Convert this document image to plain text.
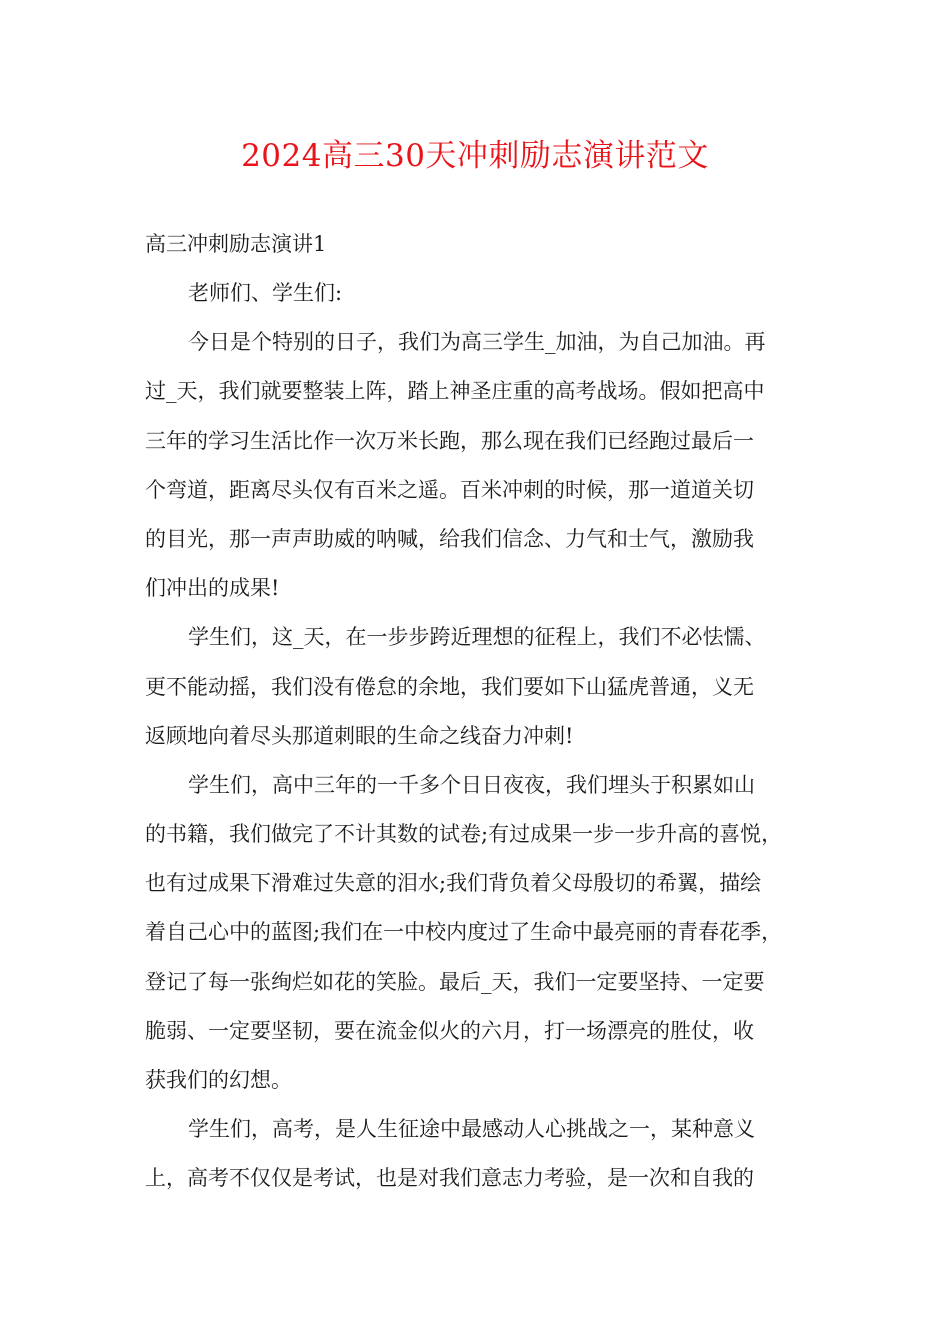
2024高三30天冲刺励志演讲范文
高三冲刺励志演讲1
老师们、学生们:
今日是个特别的日子，我们为高三学生_加油，为自己加油。再
过_天，我们就要整装上阵，踏上神圣庄重的高考战场。假如把高中
三年的学习生活比作一次万米长跑，那么现在我们已经跑过最后一
个弯道，距离尽头仅有百米之遥。百米冲刺的时候，那一道道关切
的目光，那一声声助威的呐喊，给我们信念、力气和士气，激励我
们冲出的成果!
学生们，这_天，在一步步跨近理想的征程上，我们不必怯懦、
更不能动摇，我们没有倦怠的余地，我们要如下山猛虎普通，义无
返顾地向着尽头那道刺眼的生命之线奋力冲刺!
学生们，高中三年的一千多个日日夜夜，我们埋头于积累如山
的书籍，我们做完了不计其数的试卷;有过成果一步一步升高的喜悦，
也有过成果下滑难过失意的泪水;我们背负着父母殷切的希翼，描绘
着自己心中的蓝图;我们在一中校内度过了生命中最亮丽的青春花季，
登记了每一张绚烂如花的笑脸。最后_天，我们一定要坚持、一定要
脆弱、一定要坚韧，要在流金似火的六月，打一场漂亮的胜仗，收
获我们的幻想。
学生们，高考，是人生征途中最感动人心挑战之一，某种意义
上，高考不仅仅是考试，也是对我们意志力考验，是一次和自我的
